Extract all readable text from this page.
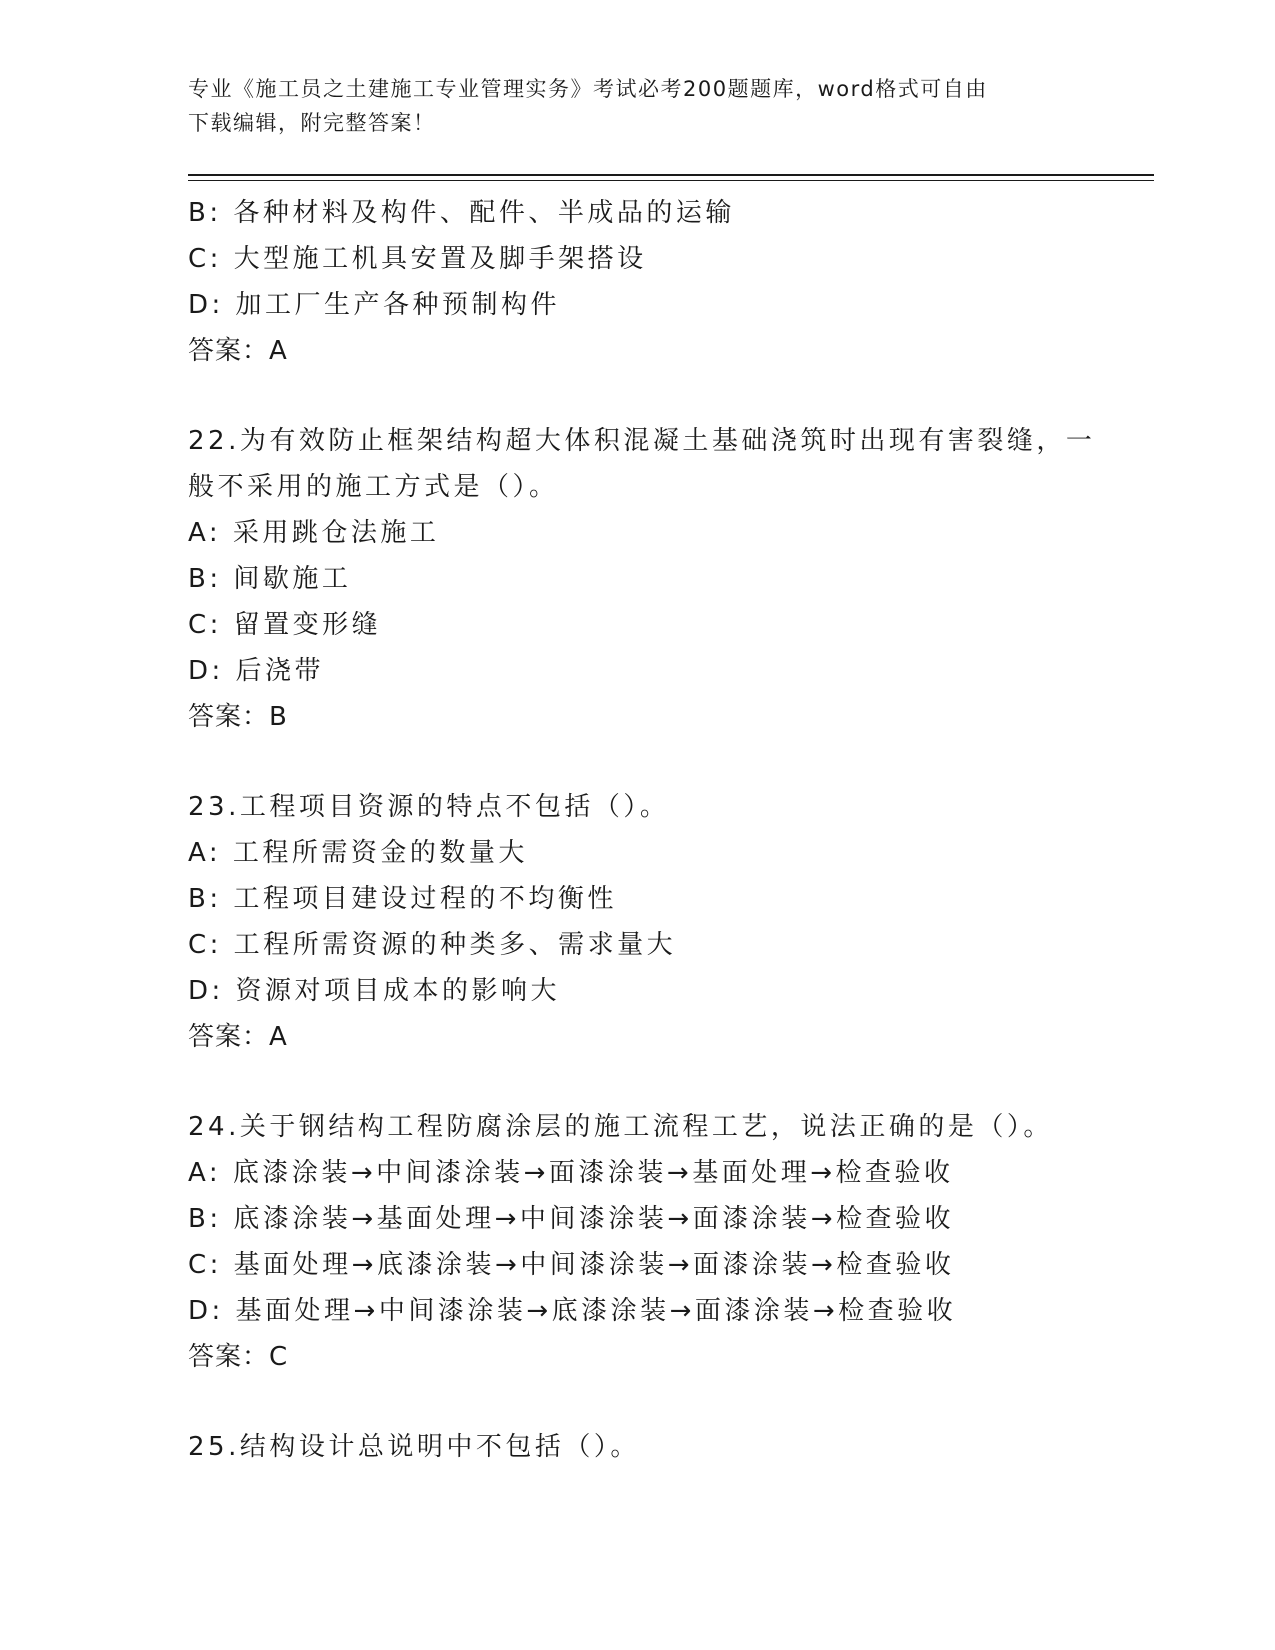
专业《施工员之土建施工专业管理实务》考试必考200题题库，word格式可自由
下载编辑，附完整答案！
B: 各种材料及构件、配件、半成品的运输
C: 大型施工机具安置及脚手架搭设
D: 加工厂生产各种预制构件
答案：A
22.为有效防止框架结构超大体积混凝土基础浇筑时出现有害裂缝，一
般不采用的施工方式是（）。
A: 采用跳仓法施工
B: 间歇施工
C: 留置变形缝
D: 后浇带
答案：B
23.工程项目资源的特点不包括（）。
A: 工程所需资金的数量大
B: 工程项目建设过程的不均衡性
C: 工程所需资源的种类多、需求量大
D: 资源对项目成本的影响大
答案：A
24.关于钢结构工程防腐涂层的施工流程工艺，说法正确的是（）。
A: 底漆涂装→中间漆涂装→面漆涂装→基面处理→检查验收
B: 底漆涂装→基面处理→中间漆涂装→面漆涂装→检查验收
C: 基面处理→底漆涂装→中间漆涂装→面漆涂装→检查验收
D: 基面处理→中间漆涂装→底漆涂装→面漆涂装→检查验收
答案：C
25.结构设计总说明中不包括（）。
